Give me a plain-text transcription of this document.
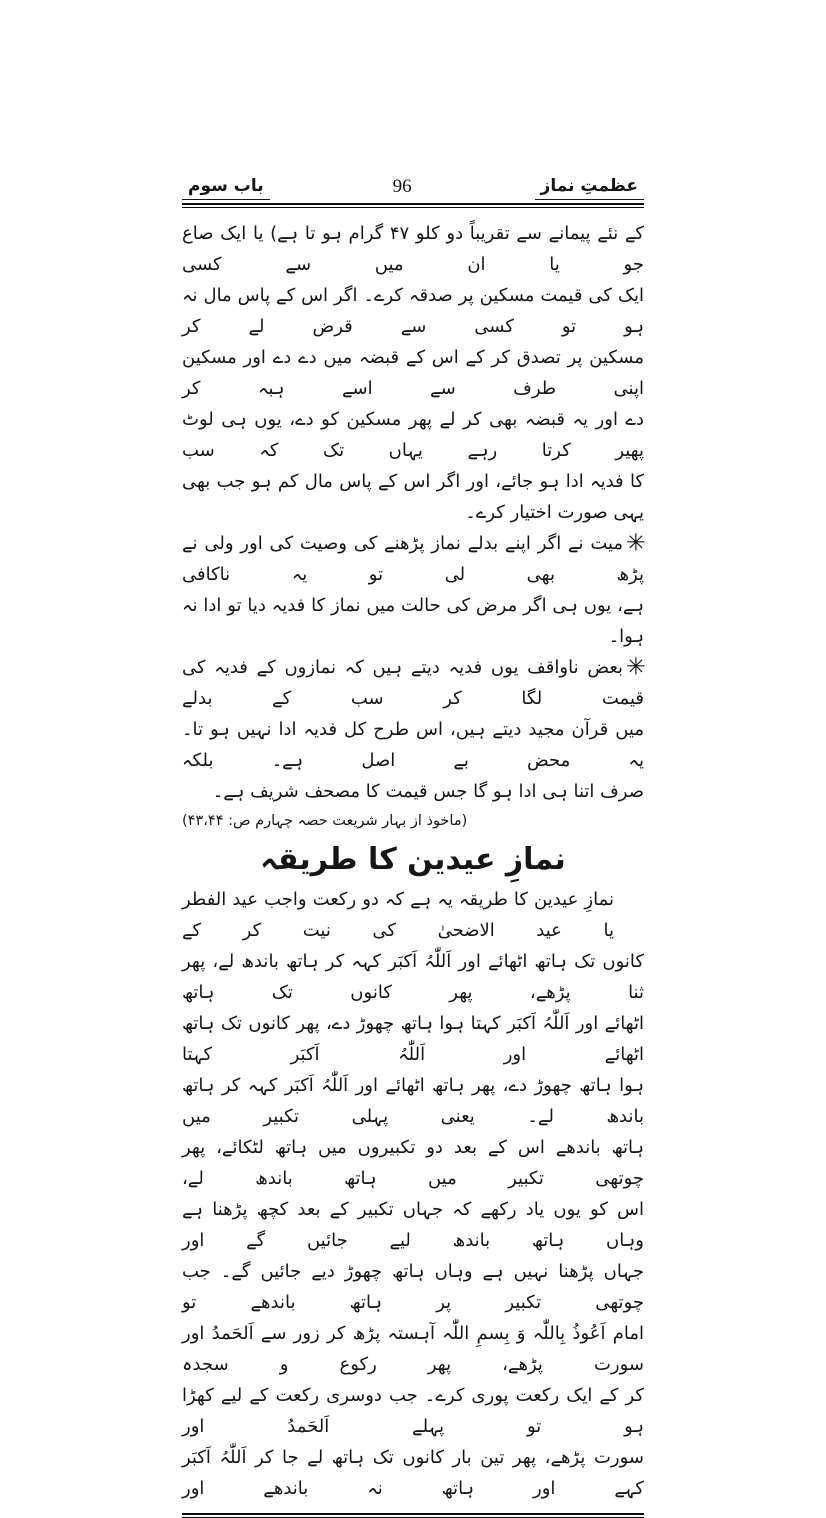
باب سوم	96	عظمتِ نماز
کے نئے پیمانے سے تقریباً دو کلو ۴۷ گرام ہو تا ہے) یا ایک صاع جو یا ان میں سے کسی
ایک کی قیمت مسکین پر صدقہ کرے۔ اگر اس کے پاس مال نہ ہو تو کسی سے قرض لے کر
مسکین پر تصدق کر کے اس کے قبضہ میں دے دے اور مسکین اپنی طرف سے اسے ہبہ کر
دے اور یہ قبضہ بھی کر لے پھر مسکین کو دے، یوں ہی لوٹ پھیر کرتا رہے یہاں تک کہ سب
کا فدیہ ادا ہو جائے، اور اگر اس کے پاس مال کم ہو جب بھی یہی صورت اختیار کرے۔
✳میت نے اگر اپنے بدلے نماز پڑھنے کی وصیت کی اور ولی نے پڑھ بھی لی تو یہ ناکافی
ہے، یوں ہی اگر مرض کی حالت میں نماز کا فدیہ دیا تو ادا نہ ہوا۔
✳بعض ناواقف یوں فدیہ دیتے ہیں کہ نمازوں کے فدیہ کی قیمت لگا کر سب کے بدلے
میں قرآن مجید دیتے ہیں، اس طرح کل فدیہ ادا نہیں ہو تا۔ یہ محض بے اصل ہے۔ بلکہ
صرف اتنا ہی ادا ہو گا جس قیمت کا مصحف شریف ہے۔
(ماخوذ از بہار شریعت حصہ چہارم ص: ۴۳،۴۴)
نمازِ عیدین کا طریقہ
نمازِ عیدین کا طریقہ یہ ہے کہ دو رکعت واجب عید الفطر یا عید الاضحیٰ کی نیت کر کے
کانوں تک ہاتھ اٹھائے اور اَللّٰہُ اَکبَر کہہ کر ہاتھ باندھ لے، پھر ثنا پڑھے، پھر کانوں تک ہاتھ
اٹھائے اور اَللّٰہُ اَکبَر کہتا ہوا ہاتھ چھوڑ دے، پھر کانوں تک ہاتھ اٹھائے اور اَللّٰہُ اَکبَر کہتا
ہوا ہاتھ چھوڑ دے، پھر ہاتھ اٹھائے اور اَللّٰہُ اَکبَر کہہ کر ہاتھ باندھ لے۔ یعنی پہلی تکبیر میں
ہاتھ باندھے اس کے بعد دو تکبیروں میں ہاتھ لٹکائے، پھر چوتھی تکبیر میں ہاتھ باندھ لے،
اس کو یوں یاد رکھے کہ جہاں تکبیر کے بعد کچھ پڑھنا ہے وہاں ہاتھ باندھ لیے جائیں گے اور
جہاں پڑھنا نہیں ہے وہاں ہاتھ چھوڑ دیے جائیں گے۔ جب چوتھی تکبیر پر ہاتھ باندھے تو
امام اَعُوذُ بِاللّٰہ وَ بِسمِ اللّٰہ آہستہ پڑھ کر زور سے اَلحَمدُ اور سورت پڑھے، پھر رکوع و سجدہ
کر کے ایک رکعت پوری کرے۔ جب دوسری رکعت کے لیے کھڑا ہو تو پہلے اَلحَمدُ اور
سورت پڑھے، پھر تین بار کانوں تک ہاتھ لے جا کر اَللّٰہُ اَکبَر کہے اور ہاتھ نہ باندھے اور
